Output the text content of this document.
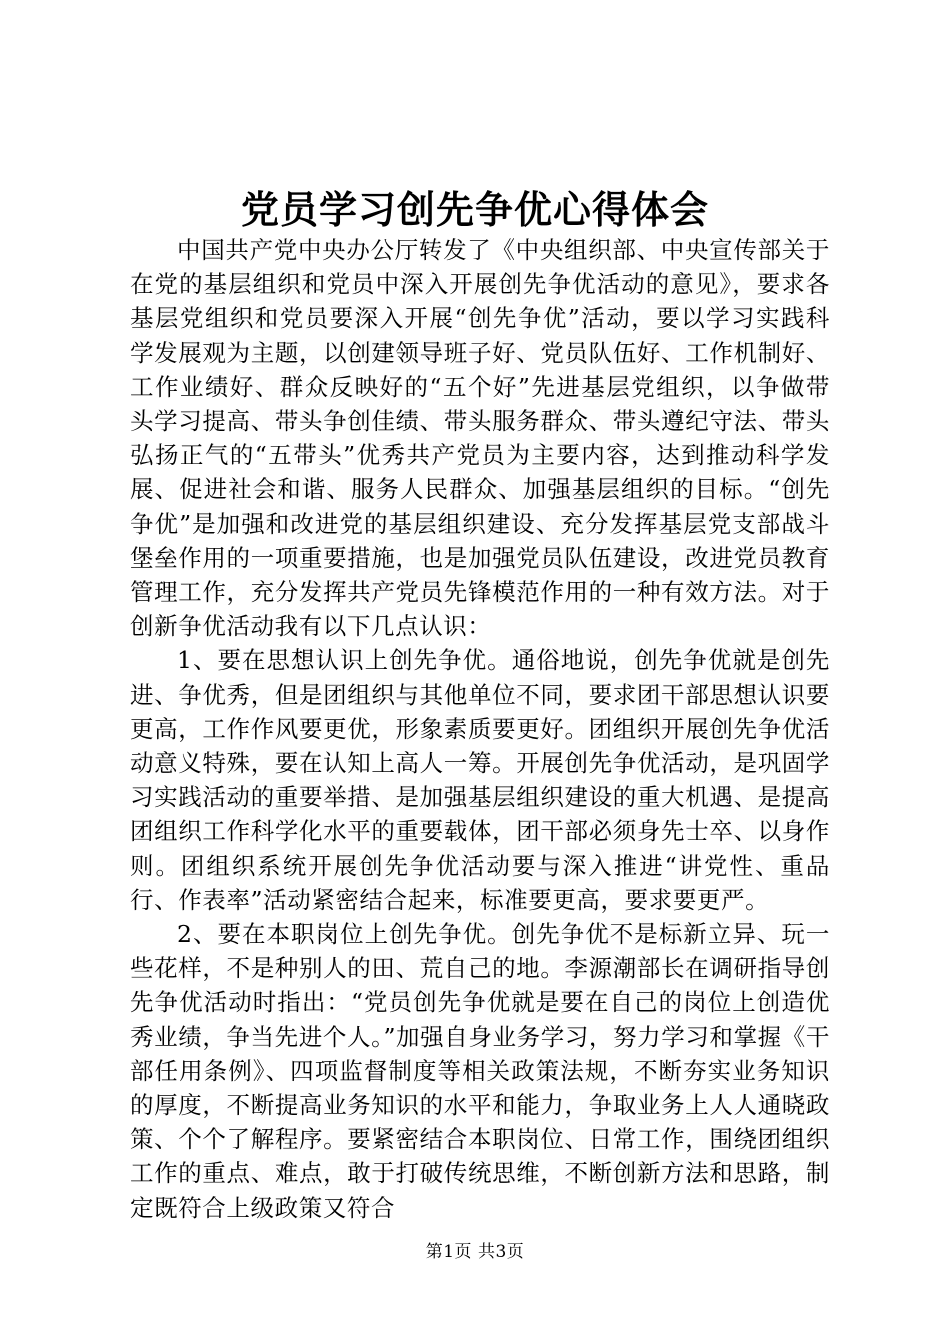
党员学习创先争优心得体会

中国共产党中央办公厅转发了《中央组织部、中央宣传部关于在党的基层组织和党员中深入开展创先争优活动的意见》，要求各基层党组织和党员要深入开展“创先争优”活动，要以学习实践科学发展观为主题，以创建领导班子好、党员队伍好、工作机制好、工作业绩好、群众反映好的“五个好”先进基层党组织，以争做带头学习提高、带头争创佳绩、带头服务群众、带头遵纪守法、带头弘扬正气的“五带头”优秀共产党员为主要内容，达到推动科学发展、促进社会和谐、服务人民群众、加强基层组织的目标。“创先争优”是加强和改进党的基层组织建设、充分发挥基层党支部战斗堡垒作用的一项重要措施，也是加强党员队伍建设，改进党员教育管理工作，充分发挥共产党员先锋模范作用的一种有效方法。对于创新争优活动我有以下几点认识：

1、要在思想认识上创先争优。通俗地说，创先争优就是创先进、争优秀，但是团组织与其他单位不同，要求团干部思想认识要更高，工作作风要更优，形象素质要更好。团组织开展创先争优活动意义特殊，要在认知上高人一筹。开展创先争优活动，是巩固学习实践活动的重要举措、是加强基层组织建设的重大机遇、是提高团组织工作科学化水平的重要载体，团干部必须身先士卒、以身作则。团组织系统开展创先争优活动要与深入推进“讲党性、重品行、作表率”活动紧密结合起来，标准要更高，要求要更严。

2、要在本职岗位上创先争优。创先争优不是标新立异、玩一些花样，不是种别人的田、荒自己的地。李源潮部长在调研指导创先争优活动时指出：“党员创先争优就是要在自己的岗位上创造优秀业绩，争当先进个人。”加强自身业务学习，努力学习和掌握《干部任用条例》、四项监督制度等相关政策法规，不断夯实业务知识的厚度，不断提高业务知识的水平和能力，争取业务上人人通晓政策、个个了解程序。要紧密结合本职岗位、日常工作，围绕团组织工作的重点、难点，敢于打破传统思维，不断创新方法和思路，制定既符合上级政策又符合

第1页 共3页
